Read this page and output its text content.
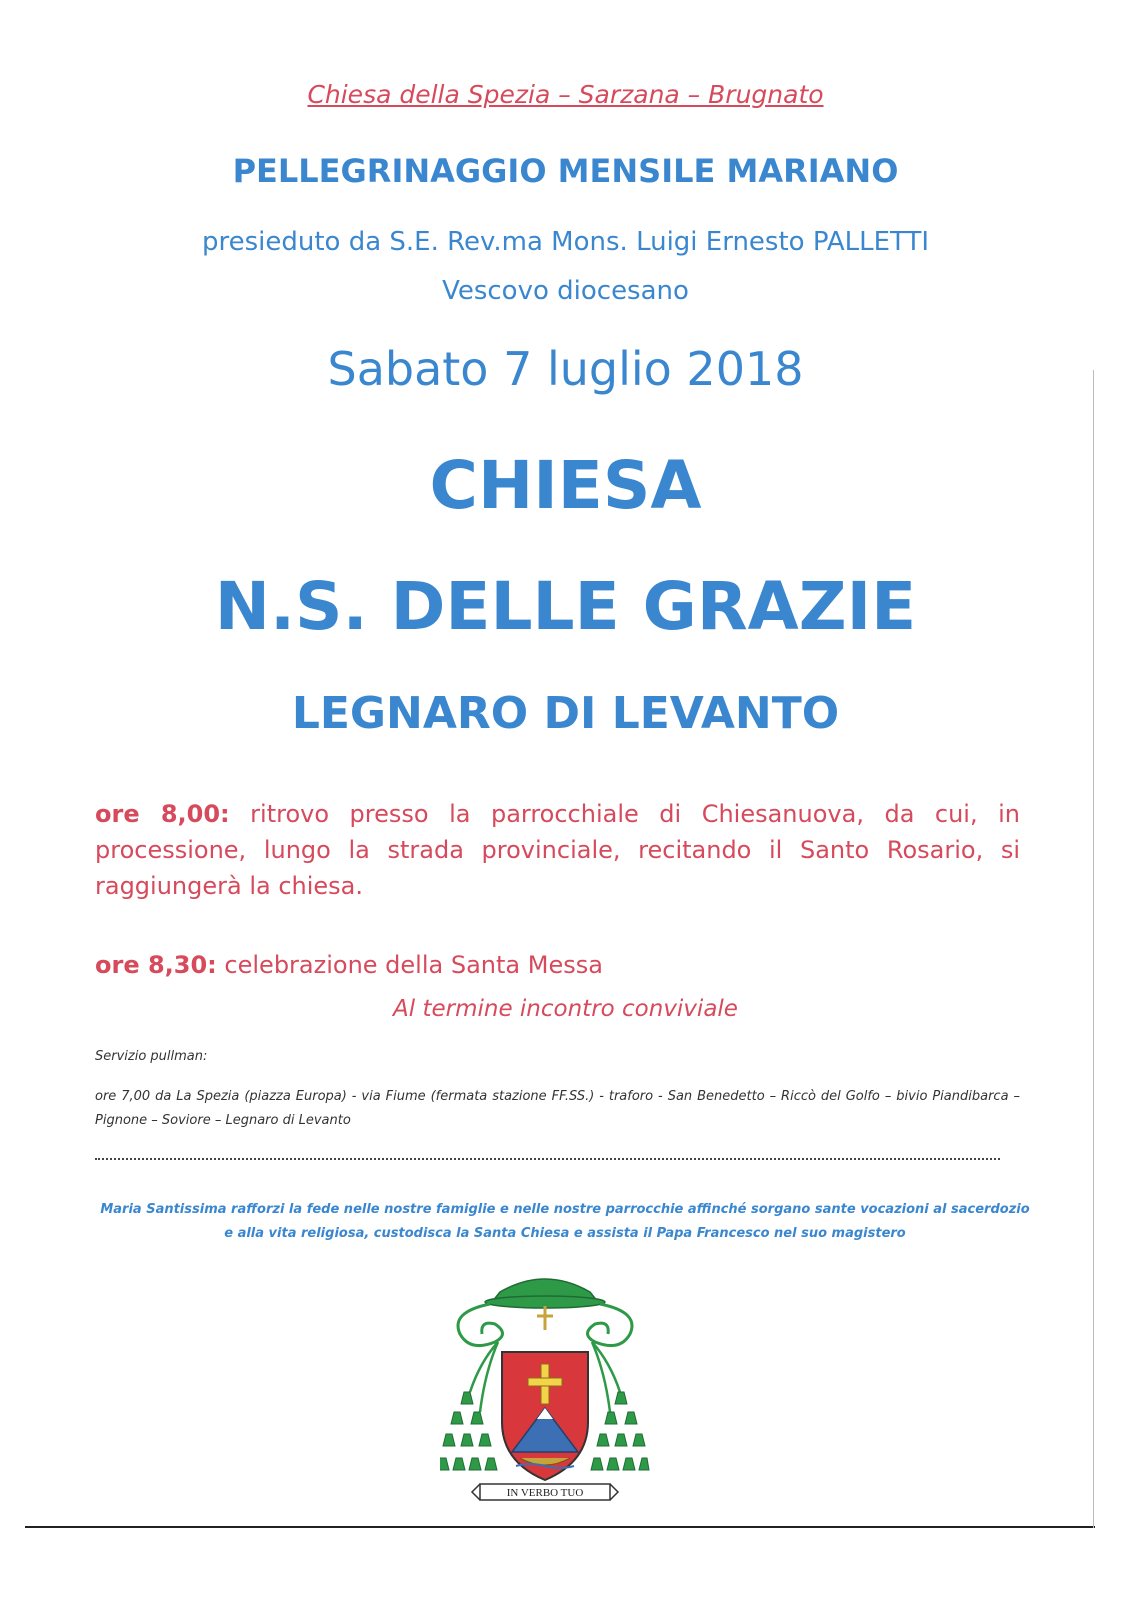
Chiesa della Spezia – Sarzana – Brugnato
PELLEGRINAGGIO MENSILE MARIANO
presieduto da S.E. Rev.ma Mons. Luigi Ernesto PALLETTI
Vescovo diocesano
Sabato 7 luglio 2018
CHIESA
N.S. DELLE GRAZIE
LEGNARO DI LEVANTO
ore 8,00: ritrovo presso la parrocchiale di Chiesanuova, da cui, in processione, lungo la strada provinciale, recitando il Santo Rosario, si raggiungerà la chiesa.
ore 8,30: celebrazione della Santa Messa
Al termine incontro conviviale
Servizio pullman:
ore 7,00 da La Spezia (piazza Europa) - via Fiume (fermata stazione FF.SS.) - traforo - San Benedetto – Riccò del Golfo – bivio Piandibarca – Pignone – Soviore – Legnaro di Levanto
Maria Santissima rafforzi la fede nelle nostre famiglie e nelle nostre parrocchie affinché sorgano sante vocazioni al sacerdozio e alla vita religiosa, custodisca la Santa Chiesa e assista il Papa Francesco nel suo magistero
IN VERBO TUO
